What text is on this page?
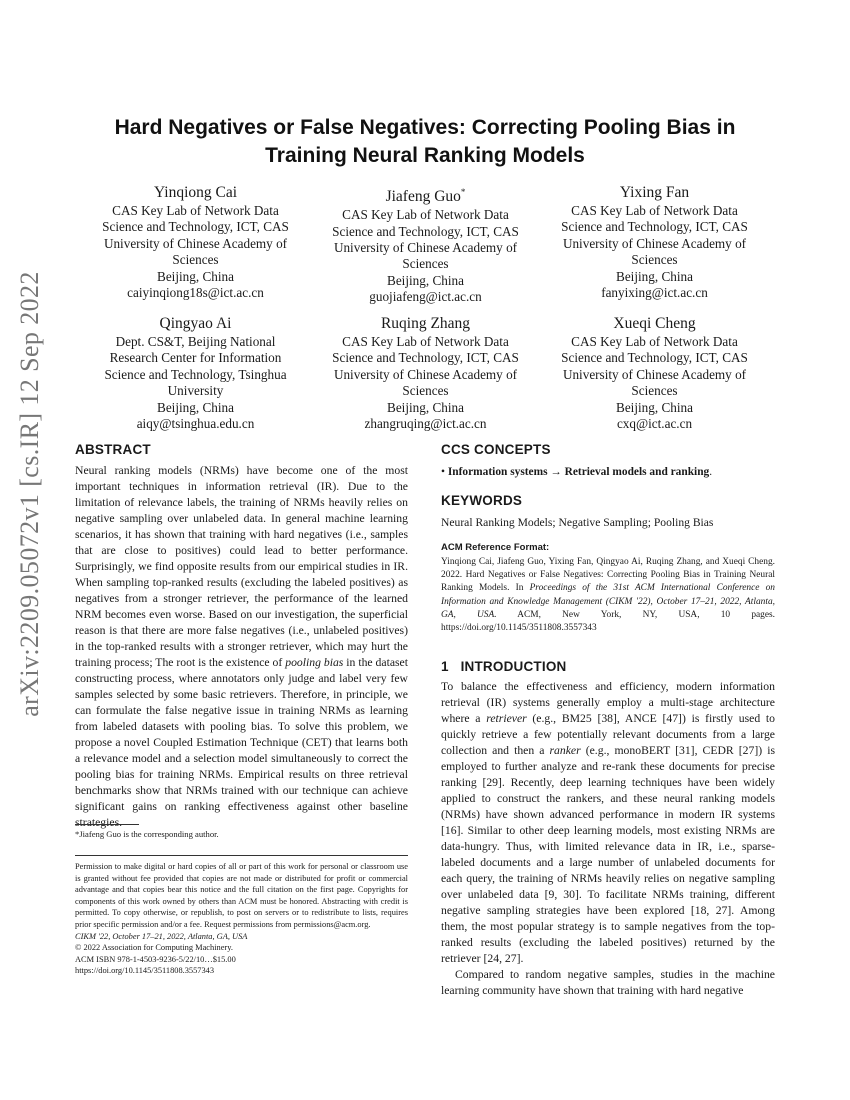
arXiv:2209.05072v1 [cs.IR] 12 Sep 2022
Hard Negatives or False Negatives: Correcting Pooling Bias in Training Neural Ranking Models
Yinqiong Cai
CAS Key Lab of Network Data
Science and Technology, ICT, CAS
University of Chinese Academy of
Sciences
Beijing, China
caiyinqiong18s@ict.ac.cn
Jiafeng Guo*
CAS Key Lab of Network Data
Science and Technology, ICT, CAS
University of Chinese Academy of
Sciences
Beijing, China
guojiafeng@ict.ac.cn
Yixing Fan
CAS Key Lab of Network Data
Science and Technology, ICT, CAS
University of Chinese Academy of
Sciences
Beijing, China
fanyixing@ict.ac.cn
Qingyao Ai
Dept. CS&T, Beijing National
Research Center for Information
Science and Technology, Tsinghua
University
Beijing, China
aiqy@tsinghua.edu.cn
Ruqing Zhang
CAS Key Lab of Network Data
Science and Technology, ICT, CAS
University of Chinese Academy of
Sciences
Beijing, China
zhangruqing@ict.ac.cn
Xueqi Cheng
CAS Key Lab of Network Data
Science and Technology, ICT, CAS
University of Chinese Academy of
Sciences
Beijing, China
cxq@ict.ac.cn
ABSTRACT

Neural ranking models (NRMs) have become one of the most important techniques in information retrieval (IR). Due to the limitation of relevance labels, the training of NRMs heavily relies on negative sampling over unlabeled data. In general machine learning scenarios, it has shown that training with hard negatives (i.e., samples that are close to positives) could lead to better performance. Surprisingly, we find opposite results from our empirical studies in IR. When sampling top-ranked results (excluding the labeled positives) as negatives from a stronger retriever, the performance of the learned NRM becomes even worse. Based on our investigation, the superficial reason is that there are more false negatives (i.e., unlabeled positives) in the top-ranked results with a stronger retriever, which may hurt the training process; The root is the existence of pooling bias in the dataset constructing process, where annotators only judge and label very few samples selected by some basic retrievers. Therefore, in principle, we can formulate the false negative issue in training NRMs as learning from labeled datasets with pooling bias. To solve this problem, we propose a novel Coupled Estimation Technique (CET) that learns both a relevance model and a selection model simultaneously to correct the pooling bias for training NRMs. Empirical results on three retrieval benchmarks show that NRMs trained with our technique can achieve significant gains on ranking effectiveness against other baseline strategies.

*Jiafeng Guo is the corresponding author.

Permission to make digital or hard copies of all or part of this work for personal or classroom use is granted without fee provided that copies are not made or distributed for profit or commercial advantage and that copies bear this notice and the full citation on the first page. Copyrights for components of this work owned by others than ACM must be honored. Abstracting with credit is permitted. To copy otherwise, or republish, to post on servers or to redistribute to lists, requires prior specific permission and/or a fee. Request permissions from permissions@acm.org.

CIKM '22, October 17–21, 2022, Atlanta, GA, USA

© 2022 Association for Computing Machinery.

ACM ISBN 978-1-4503-9236-5/22/10…$15.00

https://doi.org/10.1145/3511808.3557343

CCS CONCEPTS

• Information systems → Retrieval models and ranking.

KEYWORDS

Neural Ranking Models; Negative Sampling; Pooling Bias

ACM Reference Format:

Yinqiong Cai, Jiafeng Guo, Yixing Fan, Qingyao Ai, Ruqing Zhang, and Xueqi Cheng. 2022. Hard Negatives or False Negatives: Correcting Pooling Bias in Training Neural Ranking Models. In Proceedings of the 31st ACM International Conference on Information and Knowledge Management (CIKM '22), October 17–21, 2022, Atlanta, GA, USA. ACM, New York, NY, USA, 10 pages. https://doi.org/10.1145/3511808.3557343

1 INTRODUCTION

To balance the effectiveness and efficiency, modern information retrieval (IR) systems generally employ a multi-stage architecture where a retriever (e.g., BM25 [38], ANCE [47]) is firstly used to quickly retrieve a few potentially relevant documents from a large collection and then a ranker (e.g., monoBERT [31], CEDR [27]) is employed to further analyze and re-rank these documents for precise ranking [29]. Recently, deep learning techniques have been widely applied to construct the rankers, and these neural ranking models (NRMs) have shown advanced performance in modern IR systems [16]. Similar to other deep learning models, most existing NRMs are data-hungry. Thus, with limited relevance data in IR, i.e., sparse-labeled documents and a large number of unlabeled documents for each query, the training of NRMs heavily relies on negative sampling over unlabeled data [9, 30]. To facilitate NRMs training, different negative sampling strategies have been explored [18, 27]. Among them, the most popular strategy is to sample negatives from the top-ranked results (excluding the labeled positives) returned by the retriever [24, 27].

Compared to random negative samples, studies in the machine learning community have shown that training with hard negative
